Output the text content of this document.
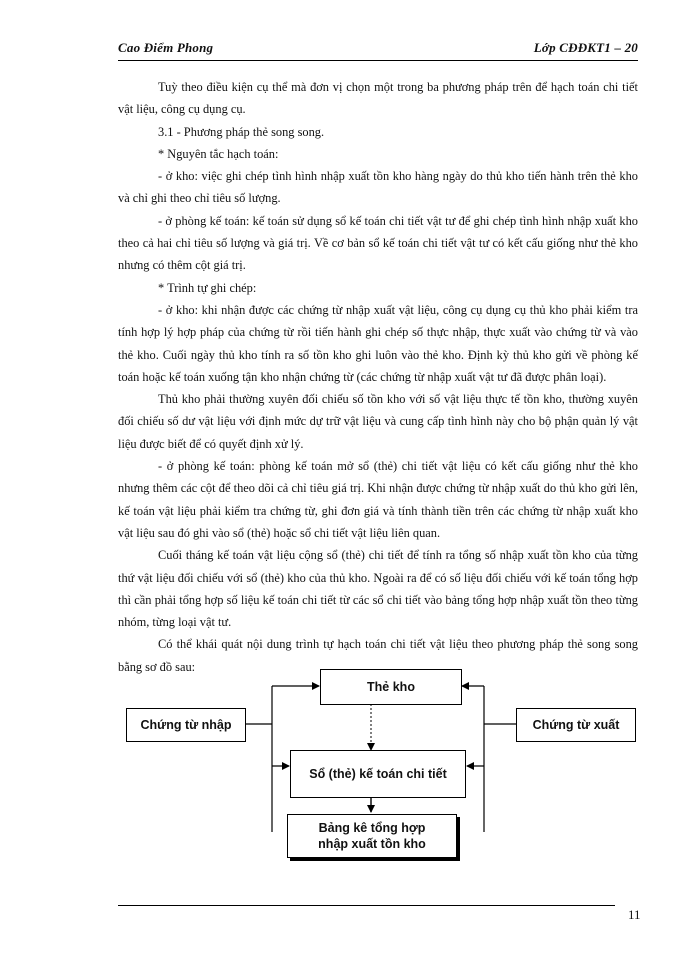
Cao Điểm Phong	Lớp CĐĐKT1 – 20

Tuỳ theo điều kiện cụ thể mà đơn vị chọn một trong ba phương pháp trên để hạch toán chi tiết vật liệu, công cụ dụng cụ.

3.1 - Phương pháp thẻ song song.

* Nguyên tắc hạch toán:

- ở kho: việc ghi chép tình hình nhập xuất tồn kho hàng ngày do thủ kho tiến hành trên thẻ kho và chỉ ghi theo chỉ tiêu số lượng.

- ở phòng kế toán: kế toán sử dụng sổ kế toán chi tiết vật tư để ghi chép tình hình nhập xuất kho theo cả hai chỉ tiêu số lượng và giá trị. Về cơ bản sổ kế toán chi tiết vật tư có kết cấu giống như thẻ kho nhưng có thêm cột giá trị.

* Trình tự ghi chép:

- ở kho: khi nhận được các chứng từ nhập xuất vật liệu, công cụ dụng cụ thủ kho phải kiểm tra tính hợp lý hợp pháp của chứng từ rồi tiến hành ghi chép số thực nhập, thực xuất vào chứng từ và vào thẻ kho. Cuối ngày thủ kho tính ra số tồn kho ghi luôn vào thẻ kho. Định kỳ thủ kho gửi về phòng kế toán hoặc kế toán xuống tận kho nhận chứng từ (các chứng từ nhập xuất vật tư đã được phân loại).

Thủ kho phải thường xuyên đối chiếu số tồn kho với số vật liệu thực tế tồn kho, thường xuyên đối chiếu số dư vật liệu với định mức dự trữ vật liệu và cung cấp tình hình này cho bộ phận quản lý vật liệu được biết để có quyết định xử lý.

- ở phòng kế toán: phòng kế toán mở sổ (thẻ) chi tiết vật liệu có kết cấu giống như thẻ kho nhưng thêm các cột để theo dõi cả chỉ tiêu giá trị. Khi nhận được chứng từ nhập xuất do thủ kho gửi lên, kế toán vật liệu phải kiểm tra chứng từ, ghi đơn giá và tính thành tiền trên các chứng từ nhập xuất kho vật liệu sau đó ghi vào sổ (thẻ) hoặc sổ chi tiết vật liệu liên quan.

Cuối tháng kế toán vật liệu cộng sổ (thẻ) chi tiết để tính ra tổng số nhập xuất tồn kho của từng thứ vật liệu đối chiếu với sổ (thẻ) kho của thủ kho. Ngoài ra để có số liệu đối chiếu với kế toán tổng hợp thì cần phải tổng hợp số liệu kế toán chi tiết từ các sổ chi tiết vào bảng tổng hợp nhập xuất tồn theo từng nhóm, từng loại vật tư.

Có thể khái quát nội dung trình tự hạch toán chi tiết vật liệu theo phương pháp thẻ song song bằng sơ đồ sau:

Thẻ kho
Chứng từ nhập	Chứng từ xuất
Sổ (thẻ) kế toán chi tiết
Bảng kê tổng hợp nhập xuất tồn kho
11
